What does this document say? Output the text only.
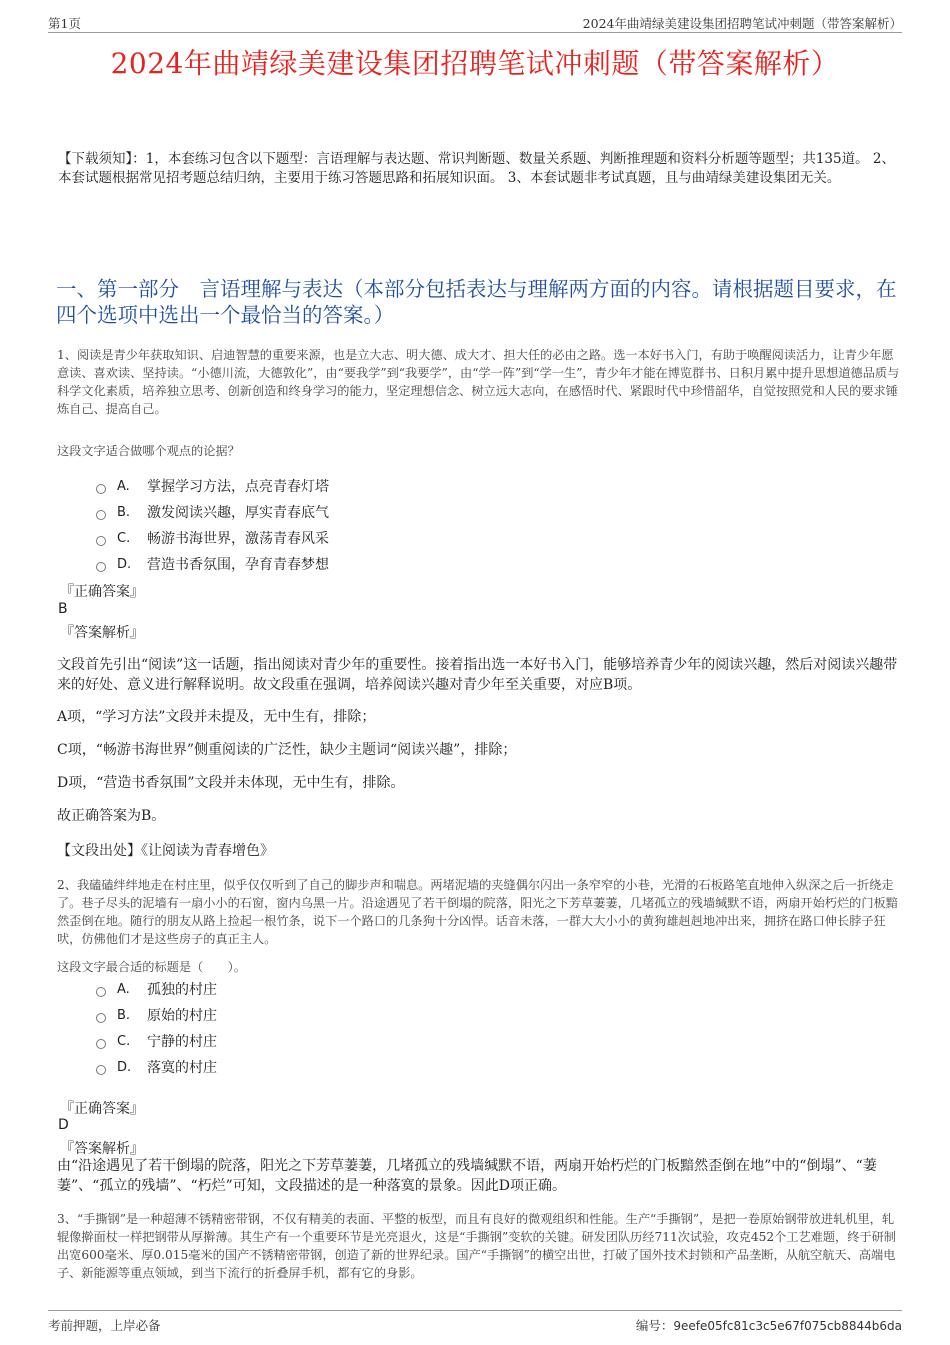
第1页	2024年曲靖绿美建设集团招聘笔试冲刺题（带答案解析）
2024年曲靖绿美建设集团招聘笔试冲刺题（带答案解析）
【下载须知】：1，本套练习包含以下题型：言语理解与表达题、常识判断题、数量关系题、判断推理题和资料分析题等题型；共135道。 2、本套试题根据常见招考题总结归纳，主要用于练习答题思路和拓展知识面。 3、本套试题非考试真题，且与曲靖绿美建设集团无关。
一、第一部分　言语理解与表达（本部分包括表达与理解两方面的内容。请根据题目要求，在四个选项中选出一个最恰当的答案。）
1、阅读是青少年获取知识、启迪智慧的重要来源，也是立大志、明大德、成大才、担大任的必由之路。选一本好书入门，有助于唤醒阅读活力，让青少年愿意读、喜欢读、坚持读。“小德川流，大德敦化”，由“要我学”到“我要学”，由“学一阵”到“学一生”，青少年才能在博览群书、日积月累中提升思想道德品质与科学文化素质，培养独立思考、创新创造和终身学习的能力，坚定理想信念、树立远大志向，在感悟时代、紧跟时代中珍惜韶华，自觉按照党和人民的要求锤炼自己、提高自己。
这段文字适合做哪个观点的论据？
A.	掌握学习方法，点亮青春灯塔
B.	激发阅读兴趣，厚实青春底气
C.	畅游书海世界，激荡青春风采
D.	营造书香氛围，孕育青春梦想
『正确答案』
B
『答案解析』
文段首先引出“阅读”这一话题，指出阅读对青少年的重要性。接着指出选一本好书入门，能够培养青少年的阅读兴趣，然后对阅读兴趣带来的好处、意义进行解释说明。故文段重在强调，培养阅读兴趣对青少年至关重要，对应B项。
A项，“学习方法”文段并未提及，无中生有，排除；
C项，“畅游书海世界”侧重阅读的广泛性，缺少主题词“阅读兴趣”，排除；
D项，“营造书香氛围”文段并未体现，无中生有，排除。
故正确答案为B。
【文段出处】《让阅读为青春增色》
2、我磕磕绊绊地走在村庄里，似乎仅仅听到了自己的脚步声和喘息。两堵泥墙的夹缝偶尔闪出一条窄窄的小巷，光滑的石板路笔直地伸入纵深之后一折绕走了。巷子尽头的泥墙有一扇小小的石窗，窗内乌黑一片。沿途遇见了若干倒塌的院落，阳光之下芳草萋萋，几堵孤立的残墙缄默不语，两扇开始朽烂的门板黯然歪倒在地。随行的朋友从路上捡起一根竹条，说下一个路口的几条狗十分凶悍。话音未落，一群大大小小的黄狗雄赳赳地冲出来，拥挤在路口伸长脖子狂吠，仿佛他们才是这些房子的真正主人。
这段文字最合适的标题是（　　）。
A.	孤独的村庄
B.	原始的村庄
C.	宁静的村庄
D.	落寞的村庄
『正确答案』
D
『答案解析』
由“沿途遇见了若干倒塌的院落，阳光之下芳草萋萋，几堵孤立的残墙缄默不语，两扇开始朽烂的门板黯然歪倒在地”中的“倒塌”、“萋萋”、“孤立的残墙”、“朽烂”可知，文段描述的是一种落寞的景象。因此D项正确。
3、“手撕钢”是一种超薄不锈精密带钢，不仅有精美的表面、平整的板型，而且有良好的微观组织和性能。生产“手撕钢”，是把一卷原始钢带放进轧机里，轧辊像擀面杖一样把钢带从厚擀薄。其生产有一个重要环节是光亮退火，这是“手撕钢”变软的关键。研发团队历经711次试验，攻克452个工艺难题，终于研制出宽600毫米、厚0.015毫米的国产不锈精密带钢，创造了新的世界纪录。国产“手撕钢”的横空出世，打破了国外技术封锁和产品垄断，从航空航天、高端电子、新能源等重点领域，到当下流行的折叠屏手机，都有它的身影。
考前押题，上岸必备	编号：9eefe05fc81c3c5e67f075cb8844b6da
